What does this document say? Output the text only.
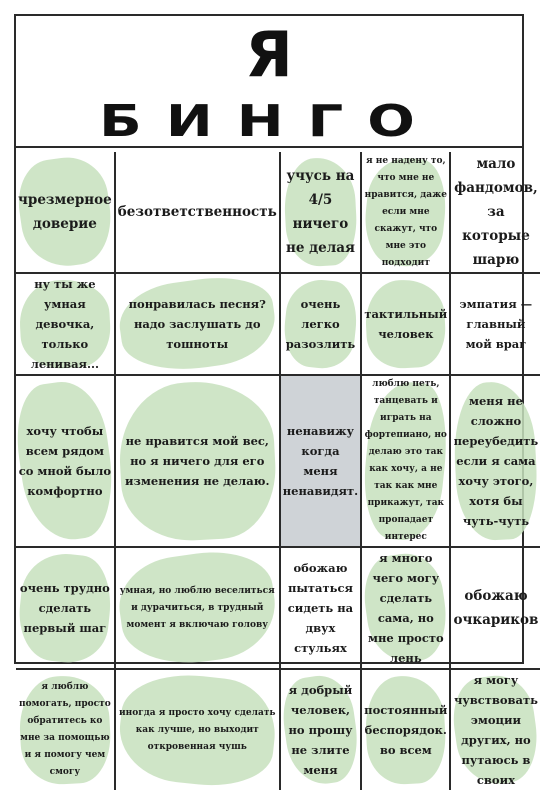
Я
БИНГО
чрезмерное доверие
безответственность
учусь на 4/5 ничего не делая
я не надену то, что мне не нравится, даже если мне скажут, что мне это подходит
мало фандомов, за которые шарю
ну ты же умная девочка, только ленивая...
понравилась песня? надо заслушать до тошноты
очень легко разозлить
тактильный человек
эмпатия — главный мой враг
хочу чтобы всем рядом со мной было комфортно
не нравится мой вес, но я ничего для его изменения не делаю.
ненавижу когда меня ненавидят.
люблю петь, танцевать и играть на фортепиано, но делаю это так как хочу, а не так как мне прикажут, так пропадает интерес
меня не сложно переубедить если я сама хочу этого, хотя бы чуть-чуть
очень трудно сделать первый шаг
умная, но люблю веселиться и дурачиться, в трудный момент я включаю голову
обожаю пытаться сидеть на двух стульях
я много чего могу сделать сама, но мне просто лень
обожаю очкариков
я люблю помогать, просто обратитесь ко мне за помощью и я помогу чем смогу
иногда я просто хочу сделать как лучше, но выходит откровенная чушь
я добрый человек, но прошу не злите меня
постоянный беспорядок. во всем
я могу чувствовать эмоции других, но путаюсь в своих
